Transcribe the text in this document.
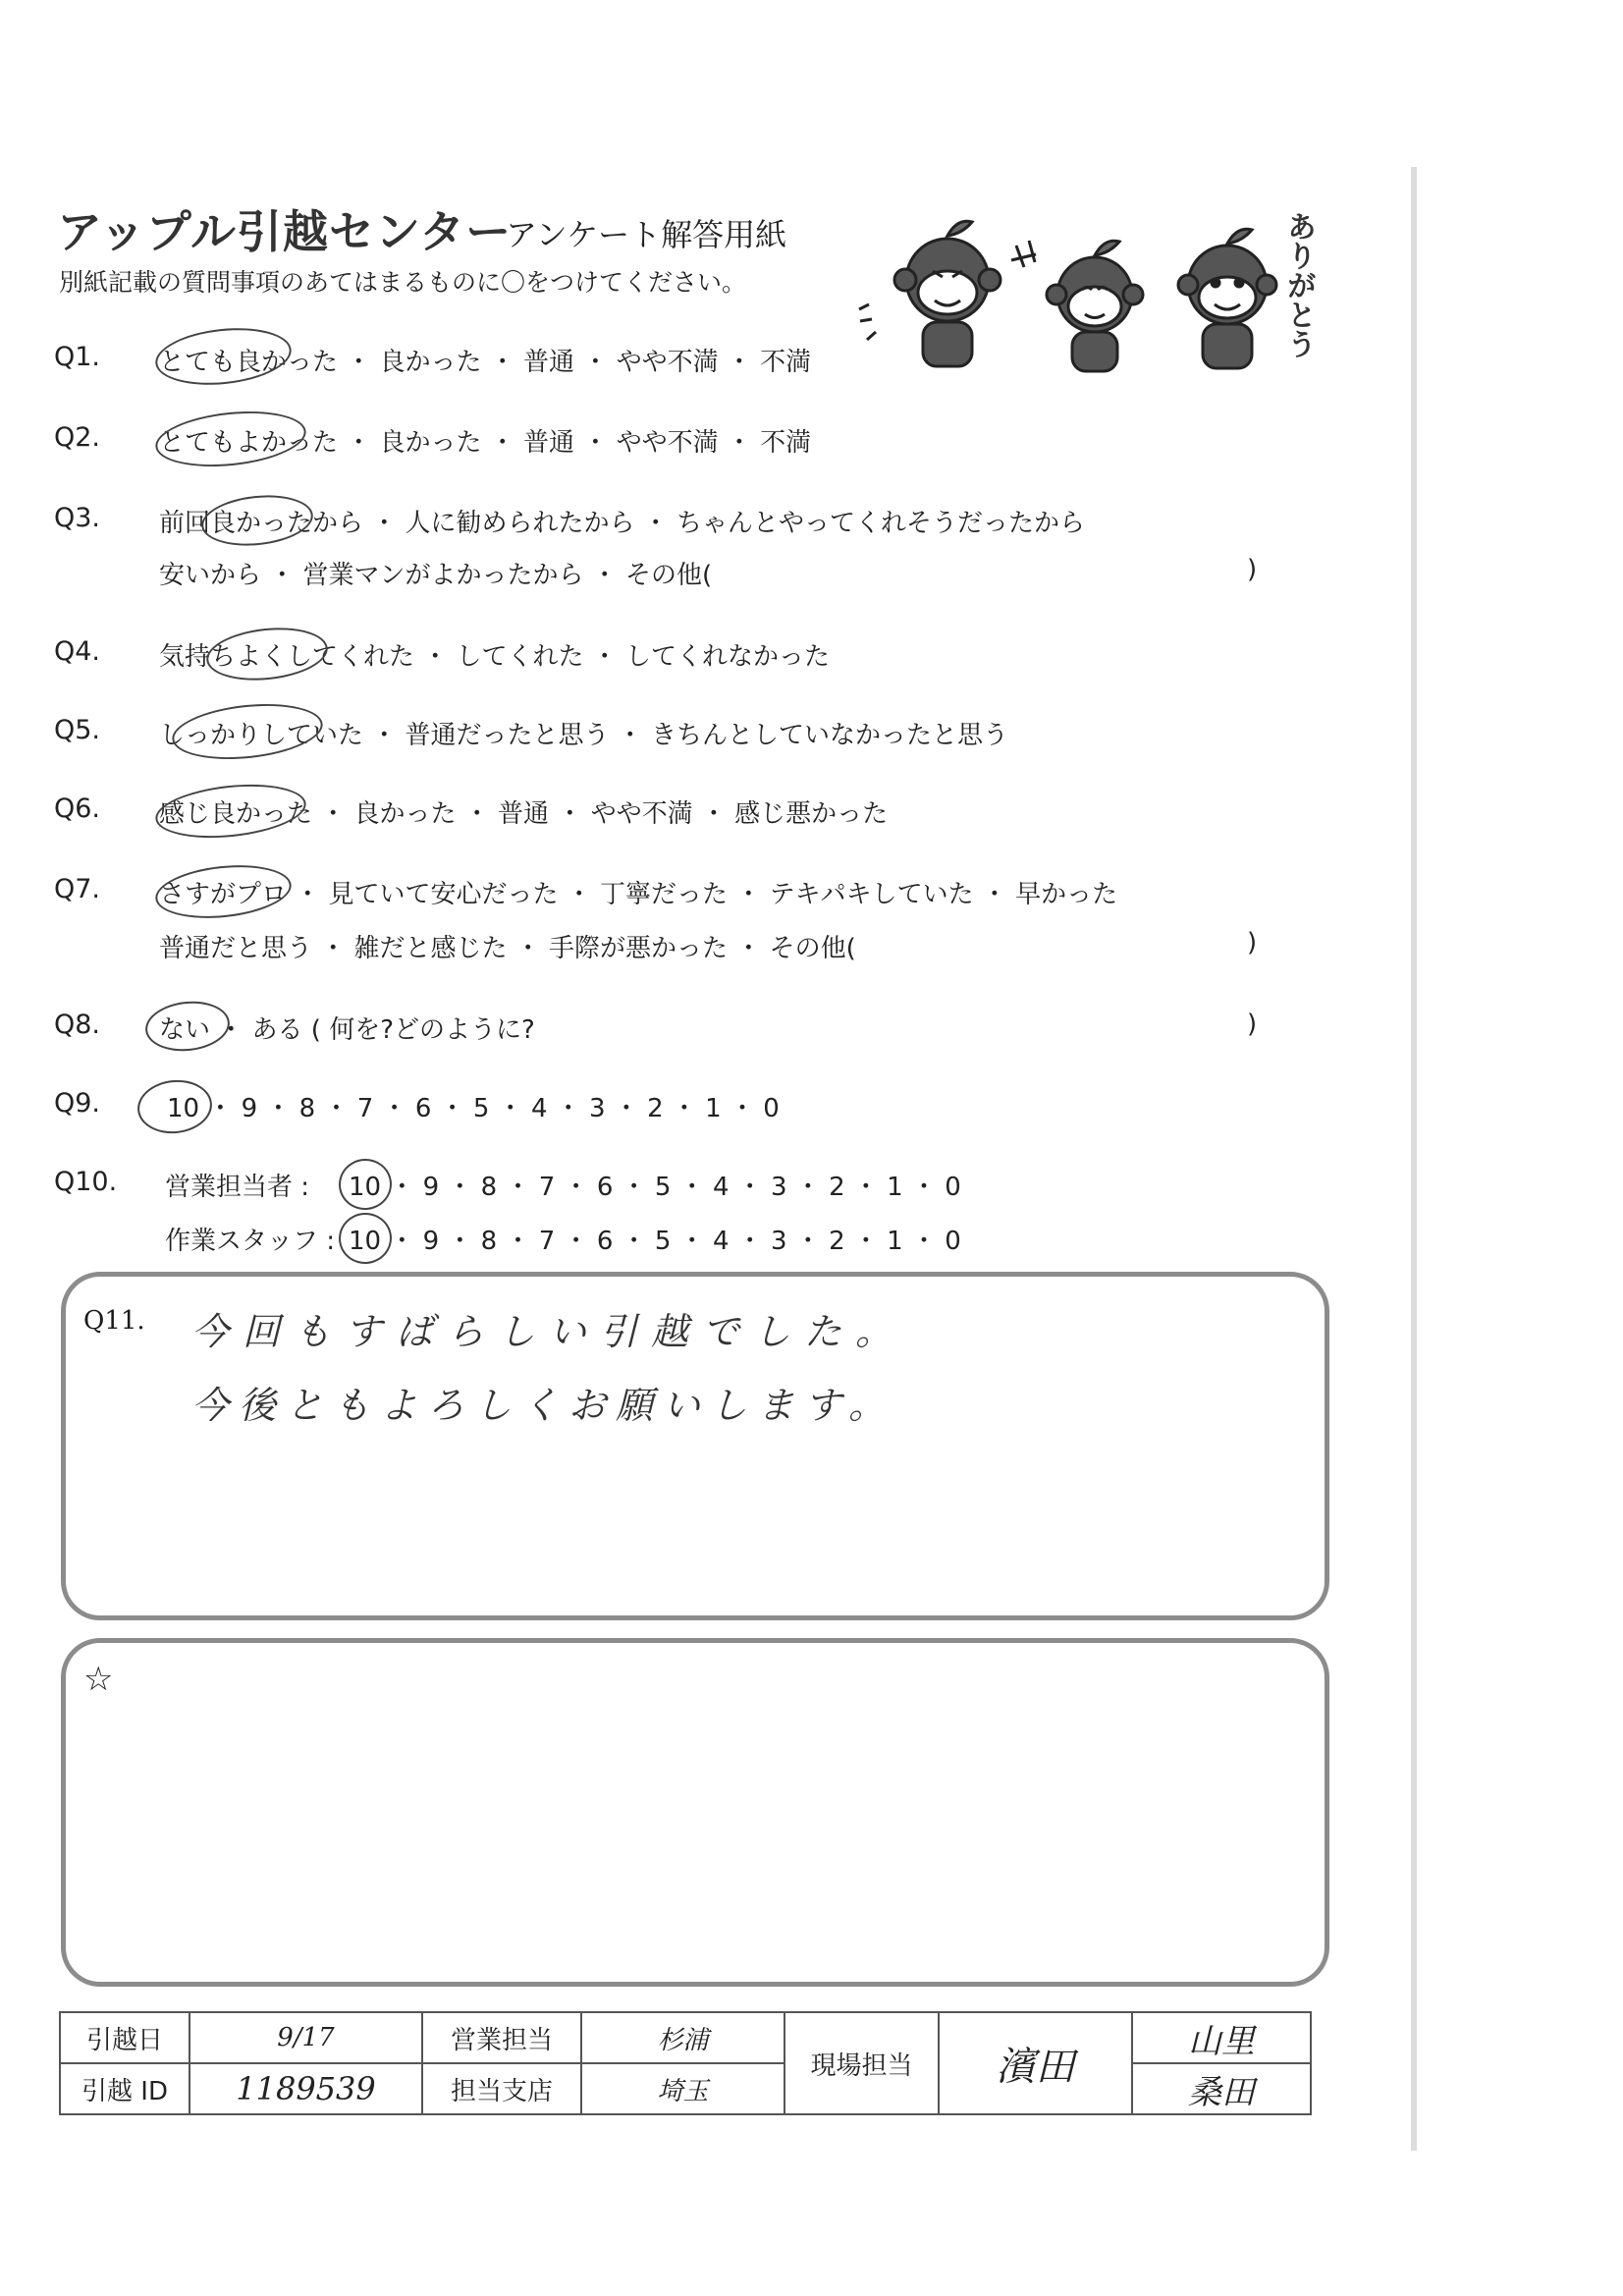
アップル引越センター
アンケート解答用紙
別紙記載の質問事項のあてはまるものに〇をつけてください。	ありがとう
Q1. とても良かった ・ 良かった ・ 普通 ・ やや不満 ・ 不満
Q2. とてもよかった ・ 良かった ・ 普通 ・ やや不満 ・ 不満
Q3. 前回良かったから ・ 人に勧められたから ・ ちゃんとやってくれそうだったから
安いから ・ 営業マンがよかったから ・ その他(	)
Q4. 気持ちよくしてくれた ・ してくれた ・ してくれなかった
Q5. しっかりしていた ・ 普通だったと思う ・ きちんとしていなかったと思う
Q6. 感じ良かった ・ 良かった ・ 普通 ・ やや不満 ・ 感じ悪かった
Q7. さすがプロ ・ 見ていて安心だった ・ 丁寧だった ・ テキパキしていた ・ 早かった
普通だと思う ・ 雑だと感じた ・ 手際が悪かった ・ その他(	)
Q8. ない ・ ある ( 何を?どのように?	)
Q9.	10 ・ 9 ・ 8 ・ 7 ・ 6 ・ 5 ・ 4 ・ 3 ・ 2 ・ 1 ・ 0
Q10. 営業担当者 : 10 ・ 9 ・ 8 ・ 7 ・ 6 ・ 5 ・ 4 ・ 3 ・ 2 ・ 1 ・ 0
作業スタッフ : 10 ・ 9 ・ 8 ・ 7 ・ 6 ・ 5 ・ 4 ・ 3 ・ 2 ・ 1 ・ 0
Q11. 今回もすばらしい引越でした。
今後ともよろしくお願いします。
☆
引越日	9/17	営業担当	杉浦	現場担当	濱田	山里
引越 ID	1189539	担当支店	埼玉			桑田
